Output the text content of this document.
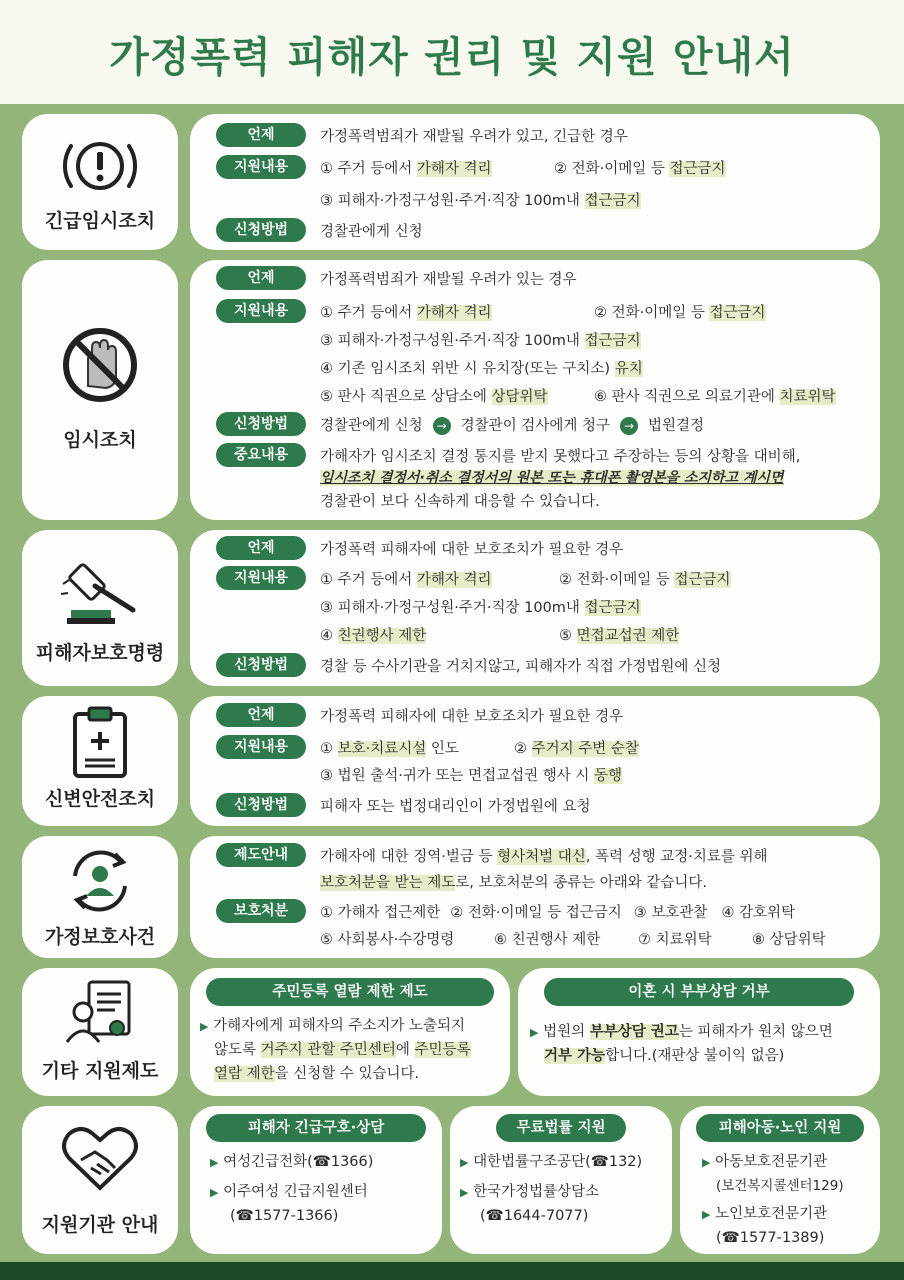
가정폭력 피해자 권리 및 지원 안내서
긴급임시조치
언제	가정폭력범죄가 재발될 우려가 있고, 긴급한 경우
지원내용	① 주거 등에서 가해자 격리	② 전화·이메일 등 접근금지
③ 피해자·가정구성원·주거·직장 100m내 접근금지
신청방법	경찰관에게 신청
임시조치
언제	가정폭력범죄가 재발될 우려가 있는 경우
지원내용	① 주거 등에서 가해자 격리	② 전화·이메일 등 접근금지
③ 피해자·가정구성원·주거·직장 100m내 접근금지
④ 기존 임시조치 위반 시 유치장(또는 구치소) 유치
⑤ 판사 직권으로 상담소에 상담위탁	⑥ 판사 직권으로 의료기관에 치료위탁
신청방법	경찰관에게 신청 → 경찰관이 검사에게 청구 → 법원결정
중요내용	가해자가 임시조치 결정 통지를 받지 못했다고 주장하는 등의 상황을 대비해,
임시조치 결정서·취소 결정서의 원본 또는 휴대폰 촬영본을 소지하고 계시면
경찰관이 보다 신속하게 대응할 수 있습니다.
피해자보호명령
언제	가정폭력 피해자에 대한 보호조치가 필요한 경우
지원내용	① 주거 등에서 가해자 격리	② 전화·이메일 등 접근금지
③ 피해자·가정구성원·주거·직장 100m내 접근금지
④ 친권행사 제한	⑤ 면접교섭권 제한
신청방법	경찰 등 수사기관을 거치지않고, 피해자가 직접 가정법원에 신청
신변안전조치
언제	가정폭력 피해자에 대한 보호조치가 필요한 경우
지원내용	① 보호·치료시설 인도	② 주거지 주변 순찰
③ 법원 출석·귀가 또는 면접교섭권 행사 시 동행
신청방법	피해자 또는 법정대리인이 가정법원에 요청
가정보호사건
제도안내	가해자에 대한 징역·벌금 등 형사처벌 대신, 폭력 성행 교정·치료를 위해
보호처분을 받는 제도로, 보호처분의 종류는 아래와 같습니다.
보호처분	① 가해자 접근제한 ② 전화·이메일 등 접근금지 ③ 보호관찰 ④ 감호위탁
⑤ 사회봉사·수강명령	⑥ 친권행사 제한	⑦ 치료위탁	⑧ 상담위탁
기타 지원제도
주민등록 열람 제한 제도
▶ 가해자에게 피해자의 주소지가 노출되지
않도록 거주지 관할 주민센터에 주민등록
열람 제한을 신청할 수 있습니다.
이혼 시 부부상담 거부
▶ 법원의 부부상담 권고는 피해자가 원치 않으면
거부 가능합니다.(재판상 불이익 없음)
지원기관 안내
피해자 긴급구호·상담
▶ 여성긴급전화(☎1366)
▶ 이주여성 긴급지원센터
(☎1577-1366)
무료법률 지원
▶ 대한법률구조공단(☎132)
▶ 한국가정법률상담소
(☎1644-7077)
피해아동·노인 지원
▶ 아동보호전문기관
(보건복지콜센터129)
▶ 노인보호전문기관
(☎1577-1389)
